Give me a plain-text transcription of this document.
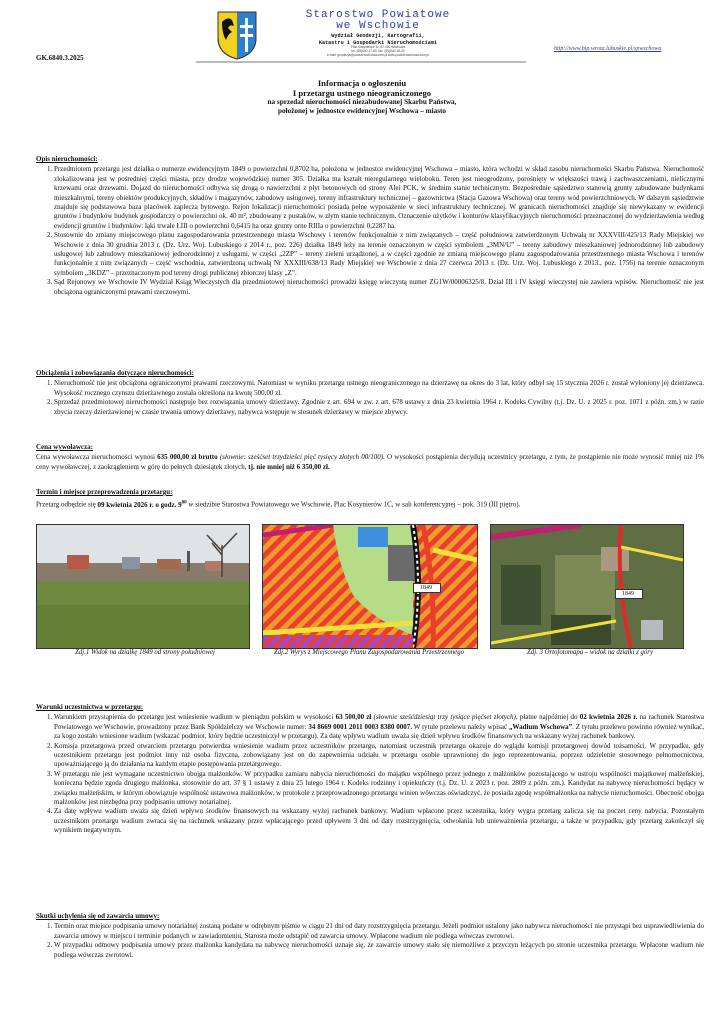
GK.6840.3.2025
Starostwo Powiatowe
we Wschowie
Wydział Geodezji, Kartografii,
Katastru i Gospodarki Nieruchomościami
Plac Kosynierów 1c, 67-400 Wschowa
tel. (65)540-17-60, fax. (65)540-18-32
e-mail: geodezja@powiat.wschowa.com.pl www.powiat.wschowa.com.pl
http://www.bip.wrota.lubuskie.pl/spwschowa
Informacja o ogłoszeniu
I przetargu ustnego nieograniczonego
na sprzedaż nieruchomości niezabudowanej Skarbu Państwa,
położonej w jednostce ewidencyjnej Wschowa – miasto
Opis nieruchomości:
1. Przedmiotem przetargu jest działka o numerze ewidencyjnym 1849 o powierzchni 0,8702 ha, położona w jednostce ewidencyjnej Wschowa – miasto, która wchodzi w skład zasobu nieruchomości Skarbu Państwa. Nieruchomość zlokalizowana jest w pośredniej części miasta, przy drodze wojewódzkiej numer 305. Działka ma kształt nieregularnego wieloboku. Teren jest nieogrodzony, porośnięty w większości trawą i zachwaszczeniami, nielicznymi krzewami oraz drzewami. Dojazd do nieruchomości odbywa się drogą o nawierzchni z płyt betonowych od strony Alei PCK, w średnim stanie technicznym. Bezpośrednie sąsiedztwo stanowią grunty zabudowane budynkami mieszkalnymi, tereny obiektów produkcyjnych, składów i magazynów, zabudowy usługowej, tereny infrastruktury technicznej – gazownictwa (Stacja Gazowa Wschowa) oraz tereny wód powierzchniowych. W dalszym sąsiedztwie znajduje się podstawowa baza placówek zaplecza bytowego. Rejon lokalizacji nieruchomości posiada pełne wyposażenie w sieci infrastruktury technicznej. W granicach nieruchomości znajduje się niewykazany w ewidencji gruntów i budynków budynek gospodarczy o powierzchni ok. 40 m², zbudowany z pustaków, w złym stanie technicznym. Oznaczenie użytków i konturów klasyfikacyjnych nieruchomości przeznaczonej do wydzierżawienia według ewidencji gruntów i budynków: łąki trwałe ŁIII o powierzchni 0,6415 ha oraz grunty orne RIIIa o powierzchni 0,2287 ha.
2. Stosownie do zmiany miejscowego planu zagospodarowania przestrzennego miasta Wschowy i terenów funkcjonalnie z nim związanych – część południowa zatwierdzonym Uchwałą nr XXXVIII/425/13 Rady Miejskiej we Wschowie z dnia 30 grudnia 2013 r. (Dz. Urz. Woj. Lubuskiego z 2014 r., poz. 226) działka 1849 leży na terenie oznaczonym w części symbolem „3MN/U” – tereny zabudowy mieszkaniowej jednorodzinnej lub zabudowy usługowej lub zabudowy mieszkaniowej jednorodzinnej z usługami, w części „2ZP” – tereny zieleni urządzonej, a w części zgodnie ze zmianą miejscowego planu zagospodarowania przestrzennego miasta Wschowa i terenów funkcjonalnie z nim związanych – część wschodnia, zatwierdzoną uchwałą Nr XXXIII/638/13 Rady Miejskiej we Wschowie z dnia 27 czerwca 2013 r. (Dz. Urz. Woj. Lubuskiego z 2013., poz. 1756) na terenie oznaczonym symbolem „3KDZ” – przeznaczonym pod tereny drogi publicznej zbiorczej klasy „Z”.
3. Sąd Rejonowy we Wschowie IV Wydział Ksiąg Wieczystych dla przedmiotowej nieruchomości prowadzi księgę wieczystą numer ZG1W/00006325/8. Dział III i IV księgi wieczystej nie zawiera wpisów. Nieruchomość nie jest obciążona ograniczonymi prawami rzeczowymi.
Obciążenia i zobowiązania dotyczące nieruchomości:
1. Nieruchomość nie jest obciążona ograniczonymi prawami rzeczowymi. Natomiast w wyniku przetargu ustnego nieograniczonego na dzierżawę na okres do 3 lat, który odbył się 15 stycznia 2026 r. został wyłoniony jej dzierżawca. Wysokość rocznego czynszu dzierżawnego została określona na kwotę 500,00 zł.
2. Sprzedaż przedmiotowej nieruchomości następuje bez rozwiązania umowy dzierżawy. Zgodnie z art. 694 w zw. z art. 678 ustawy z dnia 23 kwietnia 1964 r. Kodeks Cywilny (t.j. Dz. U. z 2025 r. poz. 1071 z późn. zm.) w razie zbycia rzeczy dzierżawionej w czasie trwania umowy dzierżawy, nabywca wstępuje w stosunek dzierżawy w miejsce zbywcy.
Cena wywoławcza:

Cena wywoławcza nieruchomości wynosi 635 000,00 zł brutto (słownie: sześćset trzydzieści pięć tysięcy złotych 00/100). O wysokości postąpienia decydują uczestnicy przetargu, z tym, że postąpienie nie może wynosić mniej niż 1% ceny wywoławczej, z zaokrągleniem w górę do pełnych dziesiątek złotych, tj. nie mniej niż 6 350,00 zł.

Termin i miejsce przeprowadzenia przetargu:

Przetarg odbędzie się 09 kwietnia 2026 r. o godz. $9^{00}$ w siedzibie Starostwa Powiatowego we Wschowie, Plac Kosynierów 1C, w sali konferencyjnej – pok. 319 (III piętro).

1849
1849
Zdj.1 Widok na działkę 1849 od strony południowej	Zdj.2 Wyrys z Miejscowego Planu Zagospodarowania Przestrzennego	Zdj. 3 Ortofotomapa – widok na działki z góry
Warunki uczestnictwa w przetargu:
1. Warunkiem przystąpienia do przetargu jest wniesienie wadium w pieniądzu polskim w wysokości 63 500,00 zł (słownie sześćdziesiąt trzy tysiące pięćset złotych), płatne najpóźniej do 02 kwietnia 2026 r. na rachunek Starostwa Powiatowego we Wschowie, prowadzony przez Bank Spółdzielczy we Wschowie numer: 34 8669 0001 2011 0003 8380 0007. W tytule przelewu należy wpisać „Wadium Wschowa”. Z tytułu przelewu powinno również wynikać, za kogo zostało wniesione wadium (wskazać podmiot, który będzie uczestniczył w przetargu). Za datę wpływu wadium uważa się dzień wpływu środków finansowych na wskazany wyżej rachunek bankowy.
2. Komisja przetargowa przed otwarciem przetargu potwierdza wniesienie wadium przez uczestników przetargu, natomiast uczestnik przetargu okazuje do wglądu komisji przetargowej dowód tożsamości. W przypadku, gdy uczestnikiem przetargu jest podmiot inny niż osoba fizyczna, zobowiązany jest on do zapewnienia udziału w przetargu osobie uprawnionej do jego reprezentowania, poprzez udzielenie stosownego pełnomocnictwa, upoważniającego ją do działania na każdym etapie postępowania przetargowego.
3. W przetargu nie jest wymagane uczestnictwo obojga małżonków. W przypadku zamiaru nabycia nieruchomości do majątku wspólnego przez jednego z małżonków pozostającego w ustroju wspólności majątkowej małżeńskiej, konieczna będzie zgoda drugiego małżonka, stosownie do art. 37 § 1 ustawy z dnia 25 lutego 1964 r. Kodeks rodzinny i opiekuńczy (t.j. Dz. U. z 2023 r. poz. 2809 z późn. zm.). Kandydat na nabywcę nieruchomości będący w związku małżeńskim, w którym obowiązuje wspólność ustawowa małżonków, w protokole z przeprowadzonego przetargu winien wówczas oświadczyć, że posiada zgodę współmałżonka na nabycie nieruchomości. Obecność obojga małżonków jest niezbędna przy podpisaniu umowy notarialnej.
4. Za datę wpływu wadium uważa się dzień wpływu środków finansowych na wskazany wyżej rachunek bankowy. Wadium wpłacone przez uczestnika, który wygra przetarg zalicza się na poczet ceny nabycia. Pozostałym uczestnikom przetargu wadium zwraca się na rachunek wskazany przez wpłacającego przed upływem 3 dni od daty rozstrzygnięcia, odwołania lub unieważnienia przetargu, a także w przypadku, gdy przetarg zakończył się wynikiem negatywnym.
Skutki uchylenia się od zawarcia umowy:
1. Termin oraz miejsce podpisania umowy notarialnej zostaną podane w odrębnym piśmie w ciągu 21 dni od daty rozstrzygnięcia przetargu. Jeżeli podmiot ustalony jako nabywca nieruchomości nie przystąpi bez usprawiedliwienia do zawarcia umowy w miejscu i terminie podanych w zawiadomieniu, Starosta może odstąpić od zawarcia umowy. Wpłacone wadium nie podlega wówczas zwrotowi.
2. W przypadku odmowy podpisania umowy przez małżonka kandydata na nabywcę nieruchomości uznaje się, że zawarcie umowy stało się niemożliwe z przyczyn leżących po stronie uczestnika przetargu. Wpłacone wadium nie podlega wówczas zwrotowi.
